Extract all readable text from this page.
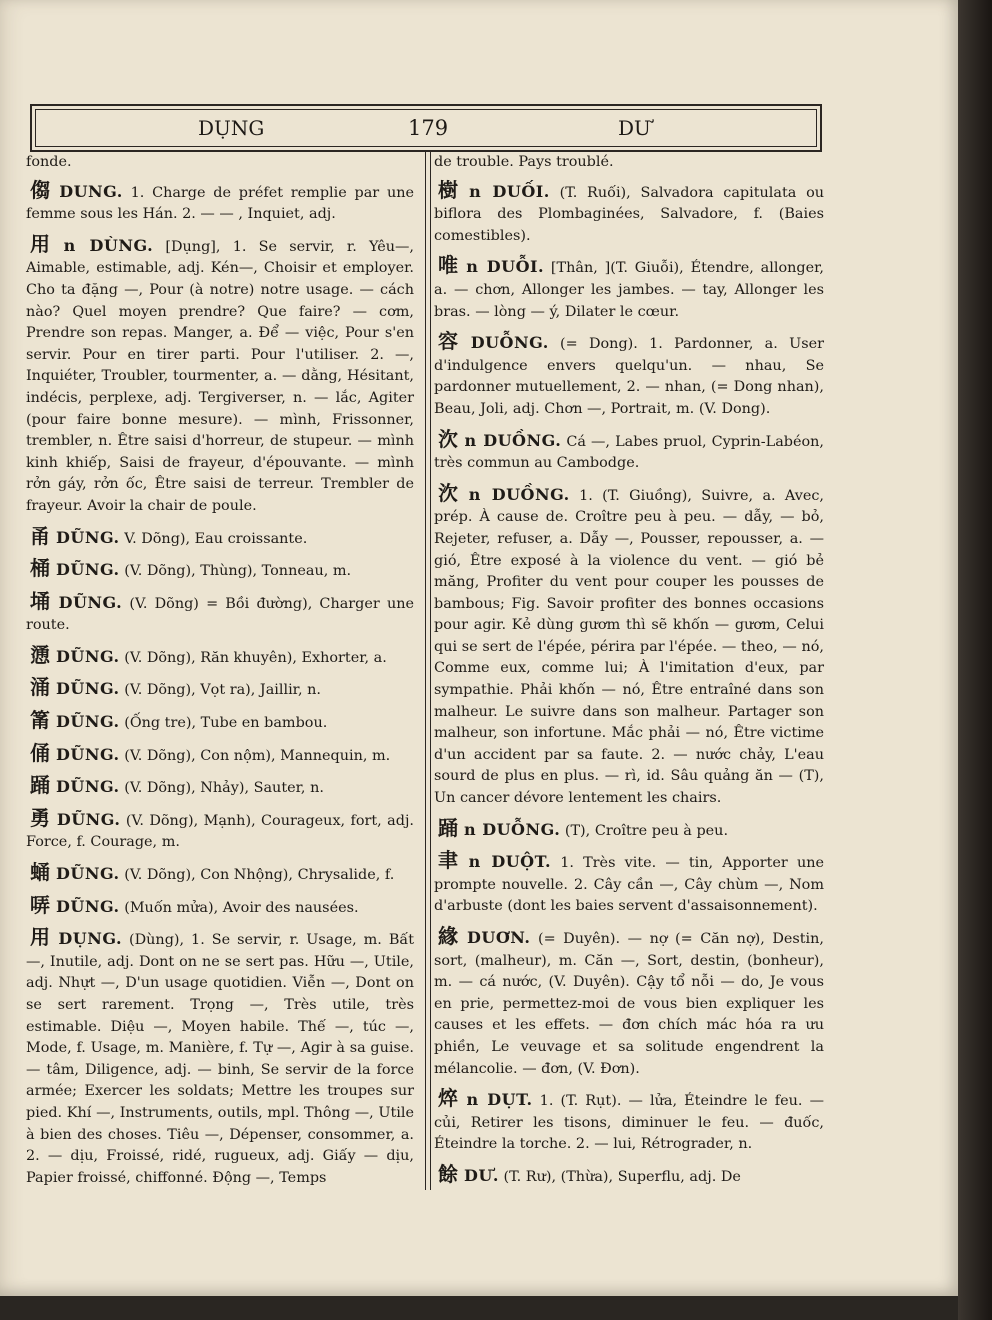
DỤNG	179	DƯ

fonde.

㑳 DUNG. 1. Charge de préfet remplie par une femme sous les Hán. 2. — — , Inquiet, adj.

用 n DÙNG. [Dụng], 1. Se servir, r. Yêu—, Aimable, estimable, adj. Kén—, Choisir et employer. Cho ta đặng —, Pour (à notre) notre usage. — cách nào? Quel moyen prendre? Que faire? — cơm, Prendre son repas. Manger, a. Để — việc, Pour s'en servir. Pour en tirer parti. Pour l'utiliser. 2. —, Inquiéter, Troubler, tourmenter, a. — dằng, Hésitant, indécis, perplexe, adj. Tergiverser, n. — lắc, Agiter (pour faire bonne mesure). — mình, Frissonner, trembler, n. Être saisi d'horreur, de stupeur. — mình kinh khiếp, Saisi de frayeur, d'épouvante. — mình rởn gáy, rởn ốc, Être saisi de terreur. Trembler de frayeur. Avoir la chair de poule.

甬 DŨNG. V. Dõng), Eau croissante.

桶 DŨNG. (V. Dõng), Thùng), Tonneau, m.

埇 DŨNG. (V. Dõng) = Bồi đường), Charger une route.

慂 DŨNG. (V. Dõng), Răn khuyên), Exhorter, a.

涌 DŨNG. (V. Dõng), Vọt ra), Jaillir, n.

筩 DŨNG. (Ống tre), Tube en bambou.

俑 DŨNG. (V. Dõng), Con nộm), Mannequin, m.

踊 DŨNG. (V. Dõng), Nhảy), Sauter, n.

勇 DŨNG. (V. Dõng), Mạnh), Courageux, fort, adj. Force, f. Courage, m.

蛹 DŨNG. (V. Dõng), Con Nhộng), Chrysalide, f.

哢 DŨNG. (Muốn mửa), Avoir des nausées.

用 DỤNG. (Dùng), 1. Se servir, r. Usage, m. Bất —, Inutile, adj. Dont on ne se sert pas. Hữu —, Utile, adj. Nhựt —, D'un usage quotidien. Viễn —, Dont on se sert rarement. Trọng —, Très utile, très estimable. Diệu —, Moyen habile. Thế —, túc —, Mode, f. Usage, m. Manière, f. Tự —, Agir à sa guise. — tâm, Diligence, adj. — binh, Se servir de la force armée; Exercer les soldats; Mettre les troupes sur pied. Khí —, Instruments, outils, mpl. Thông —, Utile à bien des choses. Tiêu —, Dépenser, consommer, a. 2. — dịu, Froissé, ridé, rugueux, adj. Giấy — dịu, Papier froissé, chiffonné. Động —, Temps

de trouble. Pays troublé.

樹 n DUỐI. (T. Ruối), Salvadora capitulata ou biflora des Plombaginées, Salvadore, f. (Baies comestibles).

唯 n DUỖI. [Thân, ](T. Giuỗi), Étendre, allonger, a. — chơn, Allonger les jambes. — tay, Allonger les bras. — lòng — ý, Dilater le cœur.

容 DUỖNG. (= Dong). 1. Pardonner, a. User d'indulgence envers quelqu'un. — nhau, Se pardonner mutuellement, 2. — nhan, (= Dong nhan), Beau, Joli, adj. Chơn —, Portrait, m. (V. Dong).

㳄 n DUỒNG. Cá —, Labes pruol, Cyprin-Labéon, très commun au Cambodge.

㳄 n DUỒNG. 1. (T. Giuồng), Suivre, a. Avec, prép. À cause de. Croître peu à peu. — dẫy, — bỏ, Rejeter, refuser, a. Dẫy —, Pousser, repousser, a. — gió, Être exposé à la violence du vent. — gió bẻ măng, Profiter du vent pour couper les pousses de bambous; Fig. Savoir profiter des bonnes occasions pour agir. Kẻ dùng gươm thì sẽ khốn — gươm, Celui qui se sert de l'épée, périra par l'épée. — theo, — nó, Comme eux, comme lui; À l'imitation d'eux, par sympathie. Phải khốn — nó, Être entraîné dans son malheur. Le suivre dans son malheur. Partager son malheur, son infortune. Mắc phải — nó, Être victime d'un accident par sa faute. 2. — nước chảy, L'eau sourd de plus en plus. — rì, id. Sâu quảng ăn — (T), Un cancer dévore lentement les chairs.

踊 n DUỖNG. (T), Croître peu à peu.

聿 n DUỘT. 1. Très vite. — tin, Apporter une prompte nouvelle. 2. Cây cần —, Cây chùm —, Nom d'arbuste (dont les baies servent d'assaisonnement).

緣 DUƠN. (= Duyên). — nợ (= Căn nợ), Destin, sort, (malheur), m. Căn —, Sort, destin, (bonheur), m. — cá nước, (V. Duyên). Cậy tổ nỗi — do, Je vous en prie, permettez-moi de vous bien expliquer les causes et les effets. — đơn chích mác hóa ra ưu phiền, Le veuvage et sa solitude engendrent la mélancolie. — đơn, (V. Đơn).

焠 n DỤT. 1. (T. Rụt). — lửa, Éteindre le feu. — củi, Retirer les tisons, diminuer le feu. — đuốc, Éteindre la torche. 2. — lui, Rétrograder, n.

餘 DƯ. (T. Rư), (Thừa), Superflu, adj. De
